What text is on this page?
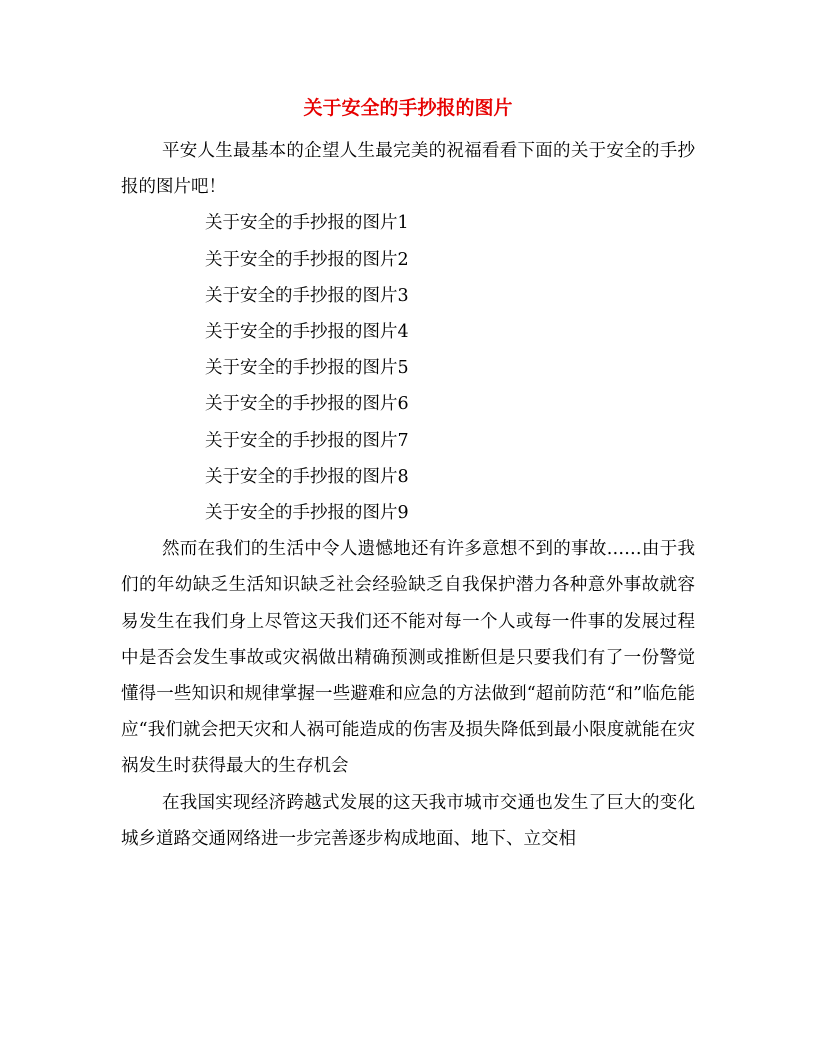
关于安全的手抄报的图片

平安人生最基本的企望人生最完美的祝福看看下面的关于安全的手抄报的图片吧！

关于安全的手抄报的图片1

关于安全的手抄报的图片2

关于安全的手抄报的图片3

关于安全的手抄报的图片4

关于安全的手抄报的图片5

关于安全的手抄报的图片6

关于安全的手抄报的图片7

关于安全的手抄报的图片8

关于安全的手抄报的图片9

然而在我们的生活中令人遗憾地还有许多意想不到的事故……由于我们的年幼缺乏生活知识缺乏社会经验缺乏自我保护潜力各种意外事故就容易发生在我们身上尽管这天我们还不能对每一个人或每一件事的发展过程中是否会发生事故或灾祸做出精确预测或推断但是只要我们有了一份警觉懂得一些知识和规律掌握一些避难和应急的方法做到“超前防范“和”临危能应“我们就会把天灾和人祸可能造成的伤害及损失降低到最小限度就能在灾祸发生时获得最大的生存机会

在我国实现经济跨越式发展的这天我市城市交通也发生了巨大的变化城乡道路交通网络进一步完善逐步构成地面、地下、立交相
